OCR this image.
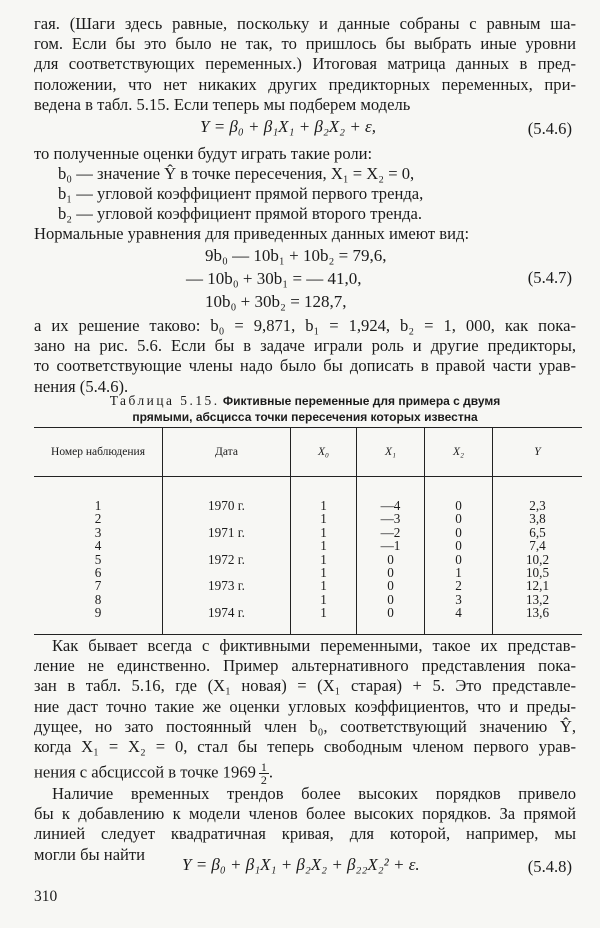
гая. (Шаги здесь равные, поскольку и данные собраны с равным ша-
гом. Если бы это было не так, то пришлось бы выбрать иные уровни
для соответствующих переменных.) Итоговая матрица данных в пред-
положении, что нет никаких других предикторных переменных, при-
ведена в табл. 5.15. Если теперь мы подберем модель
Y = β₀ + β₁X₁ + β₂X₂ + ε,	(5.4.6)
то полученные оценки будут играть такие роли:
b₀ — значение Ŷ в точке пересечения, X₁ = X₂ = 0,
b₁ — угловой коэффициент прямой первого тренда,
b₂ — угловой коэффициент прямой второго тренда.
Нормальные уравнения для приведенных данных имеют вид:
9b₀ — 10b₁ + 10b₂ = 79,6,
— 10b₀ + 30b₁ = — 41,0,
10b₀ + 30b₂ = 128,7,
(5.4.7)
а их решение таково: b₀ = 9,871, b₁ = 1,924, b₂ = 1, 000, как пока-
зано на рис. 5.6. Если бы в задаче играли роль и другие предикторы,
то соответствующие члены надо было бы дописать в правой части урав-
нения (5.4.6).
Таблица 5.15. Фиктивные переменные для примера с двумя
прямыми, абсцисса точки пересечения которых известна
Номер наблюдения	Дата	X₀	X₁	X₂	Y
1	1970 г.	1	—4	0	2,3
2		1	—3	0	3,8
3	1971 г.	1	—2	0	6,5
4		1	—1	0	7,4
5	1972 г.	1	0	0	10,2
6		1	0	1	10,5
7	1973 г.	1	0	2	12,1
8		1	0	3	13,2
9	1974 г.	1	0	4	13,6
Как бывает всегда с фиктивными переменными, такое их представ-
ление не единственно. Пример альтернативного представления пока-
зан в табл. 5.16, где (X₁ новая) = (X₁ старая) + 5. Это представле-
ние даст точно такие же оценки угловых коэффициентов, что и преды-
дущее, но зато постоянный член b₀, соответствующий значению Ŷ,
когда X₁ = X₂ = 0, стал бы теперь свободным членом первого урав-
нения с абсциссой в точке $1969 \frac{1}{2}$ .
Наличие временных трендов более высоких порядков привело
бы к добавлению к модели членов более высоких порядков. За прямой
линией следует квадратичная кривая, для которой, например, мы
могли бы найти
Y = β₀ + β₁X₁ + β₂X₂ + β₂₂X₂² + ε.	(5.4.8)
310
